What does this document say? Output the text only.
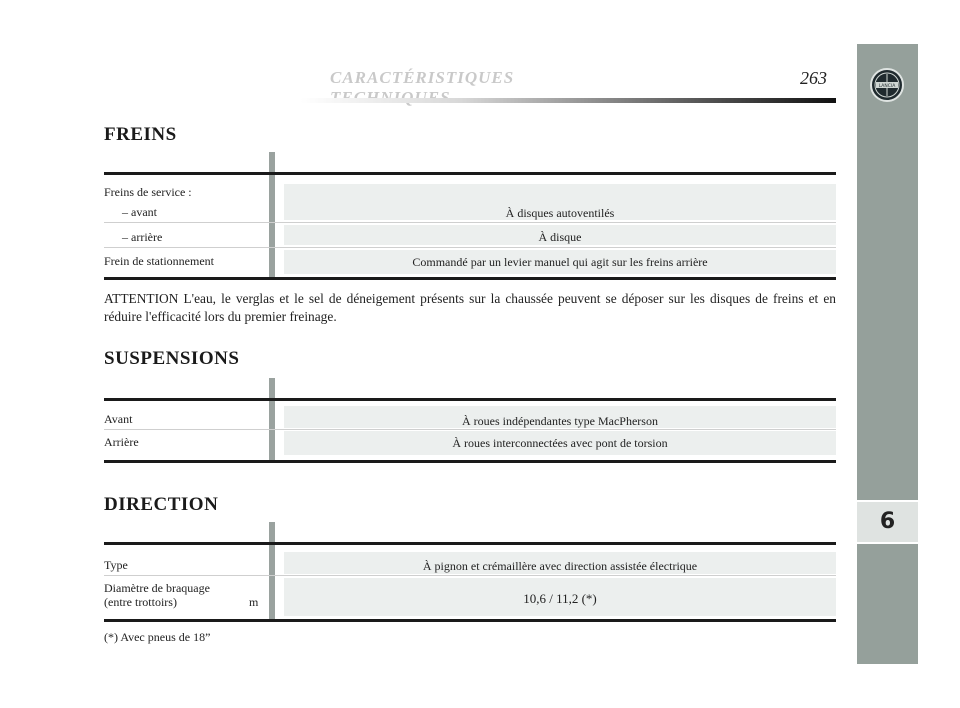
CARACTÉRISTIQUES	263	LANCIA
6
FREINS
Freins de service :
– avant	À disques autoventilés
– arrière	À disque
Frein de stationnement	Commandé par un levier manuel qui agit sur les freins arrière
ATTENTION L'eau, le verglas et le sel de déneigement présents sur la chaussée peuvent se déposer sur les disques de freins et en réduire l'efficacité lors du premier freinage.
SUSPENSIONS
Avant	À roues indépendantes type MacPherson
Arrière	À roues interconnectées avec pont de torsion
DIRECTION
Type	À pignon et crémaillère avec direction assistée électrique
Diamètre de braquage
(entre trottoirs)	m	10,6 / 11,2 (*)
(*) Avec pneus de 18”
